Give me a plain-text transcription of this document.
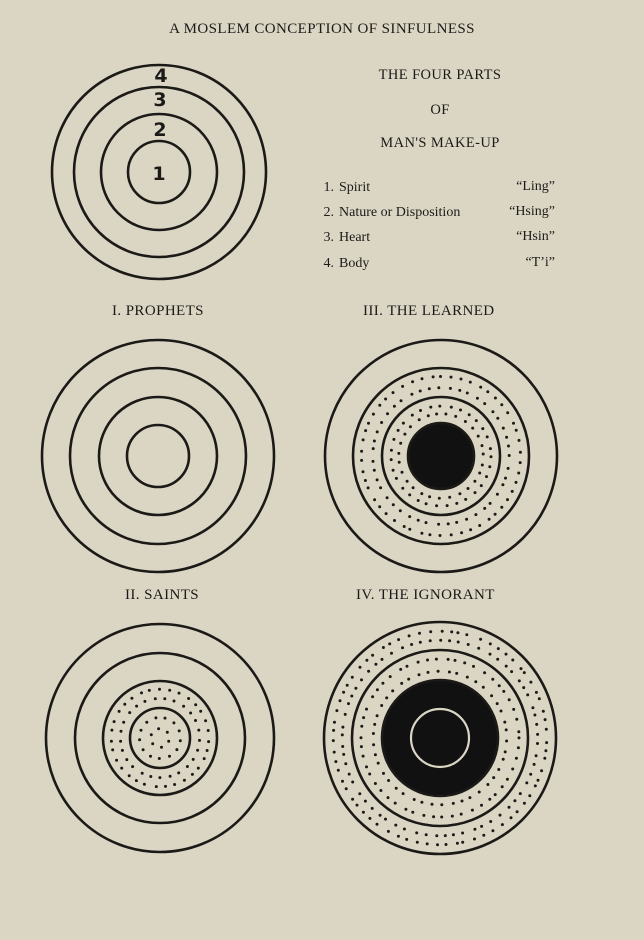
A MOSLEM CONCEPTION OF SINFULNESS
THE FOUR PARTS
OF
MAN'S MAKE-UP
1. Spirit	“Ling”
2. Nature or Disposition	“Hsing”
3. Heart	“Hsin”
4. Body	“T’i”
I. PROPHETS	III. THE LEARNED
II. SAINTS	IV. THE IGNORANT
1
2
3
4
